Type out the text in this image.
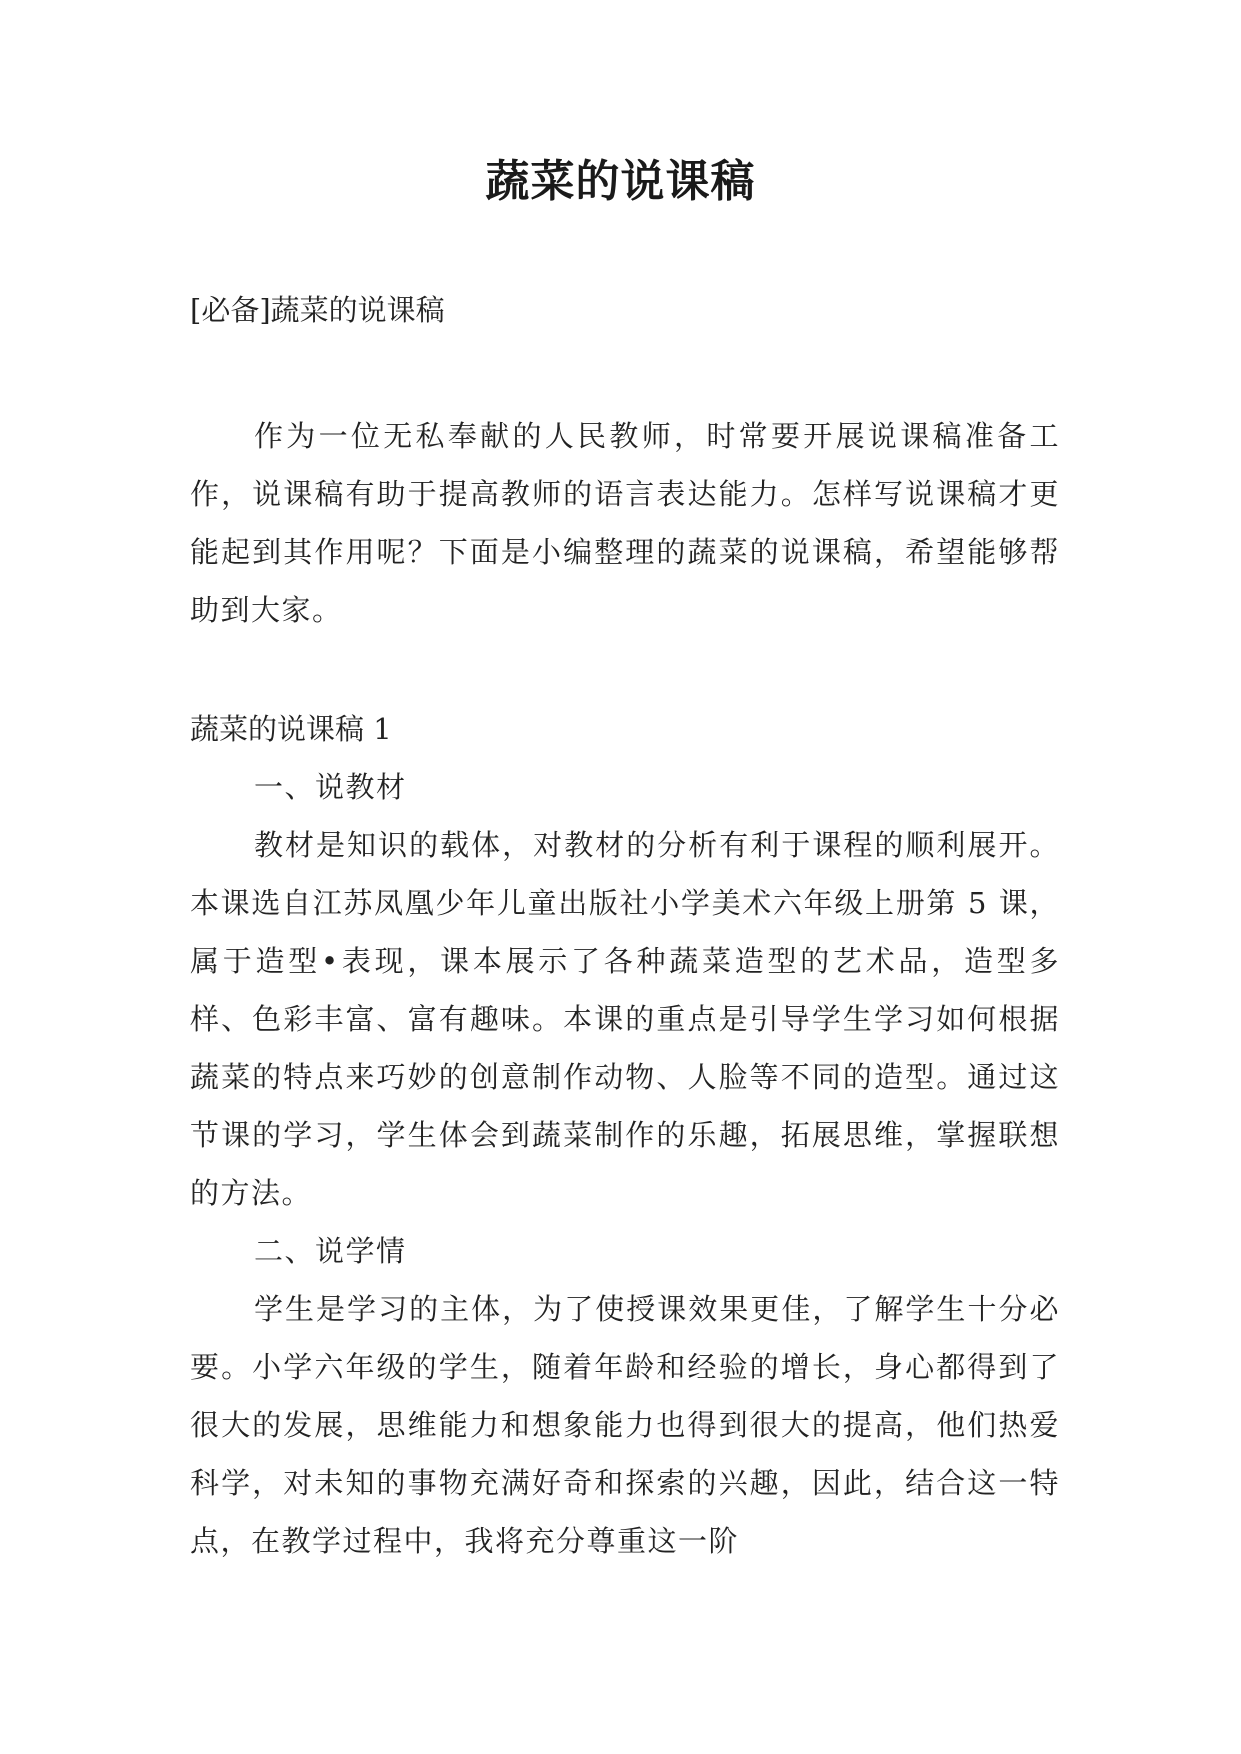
蔬菜的说课稿

[必备]蔬菜的说课稿

作为一位无私奉献的人民教师，时常要开展说课稿准备工作，说课稿有助于提高教师的语言表达能力。怎样写说课稿才更能起到其作用呢？下面是小编整理的蔬菜的说课稿，希望能够帮助到大家。

蔬菜的说课稿 1

一、说教材

教材是知识的载体，对教材的分析有利于课程的顺利展开。本课选自江苏凤凰少年儿童出版社小学美术六年级上册第 5 课，属于造型•表现，课本展示了各种蔬菜造型的艺术品，造型多样、色彩丰富、富有趣味。本课的重点是引导学生学习如何根据蔬菜的特点来巧妙的创意制作动物、人脸等不同的造型。通过这节课的学习，学生体会到蔬菜制作的乐趣，拓展思维，掌握联想的方法。

二、说学情

学生是学习的主体，为了使授课效果更佳，了解学生十分必要。小学六年级的学生，随着年龄和经验的增长，身心都得到了很大的发展，思维能力和想象能力也得到很大的提高，他们热爱科学，对未知的事物充满好奇和探索的兴趣，因此，结合这一特点，在教学过程中，我将充分尊重这一阶
